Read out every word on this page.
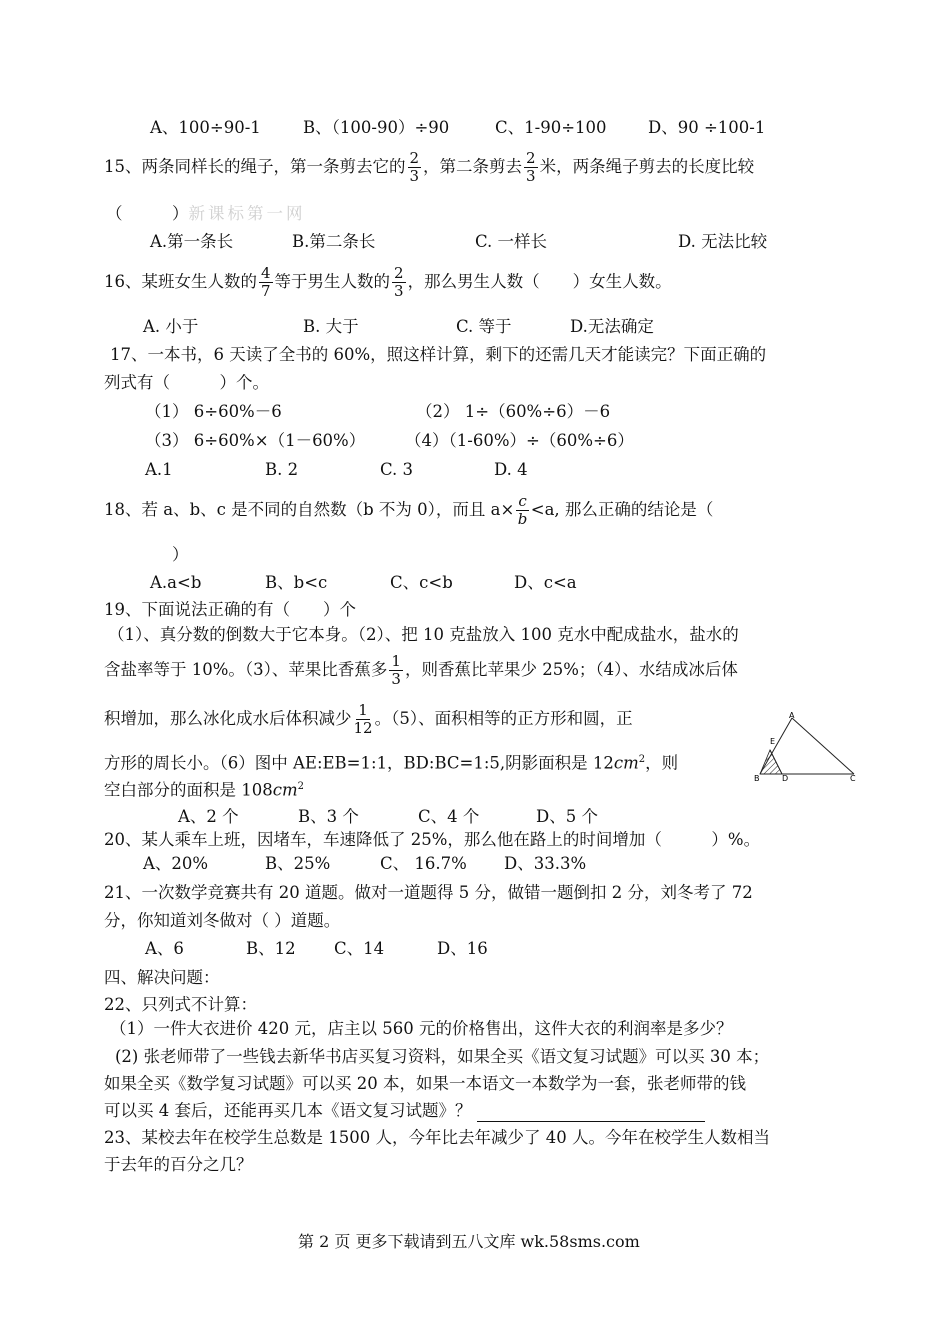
A、100÷90-1	B、（100-90）÷90	C、1-90÷100	D、90 ÷100-1
15、两条同样长的绳子，第一条剪去它的 $\frac{2}{3}$ ，第二条剪去 $\frac{2}{3}$ 米，两条绳子剪去的长度比较
（　　　）新课标第一网
A.第一条长	B.第二条长	C. 一样长	D. 无法比较
16、某班女生人数的 $\frac{4}{7}$ 等于男生人数的 $\frac{2}{3}$ ，那么男生人数（　　）女生人数。
A. 小于	B. 大于	C. 等于	D.无法确定
17、一本书，6 天读了全书的 60%，照这样计算，剩下的还需几天才能读完？下面正确的
列式有（　　　）个。
（1） 6÷60%－6	（2） 1÷（60%÷6）－6
（3） 6÷60%×（1－60%） （4）（1-60%）÷（60%÷6）
A.1	B. 2	C. 3	D. 4
18、若 a、b、c 是不同的自然数（b 不为 0），而且 $a\times \frac{c}{b} <a$, 那么正确的结论是（
）
A.a<b	B、b<c	C、c<b	D、c<a
19、下面说法正确的有（　　）个
（1）、真分数的倒数大于它本身。（2）、把 10 克盐放入 100 克水中配成盐水，盐水的
含盐率等于 10%。（3）、苹果比香蕉多 $\frac{1}{3}$ ，则香蕉比苹果少 25%；（4）、水结成冰后体
积增加，那么冰化成水后体积减少 $\frac{1}{12}$ 。（5）、面积相等的正方形和圆，正
方形的周长小。（6）图中 AE:EB=1:1，BD:BC=1:5,阴影面积是 $12cm^2$，则
空白部分的面积是 $108cm^2$
A、2 个	B、3 个	C、4 个	D、5 个
A
E
B	D	C
20、某人乘车上班，因堵车，车速降低了 25%，那么他在路上的时间增加（　　　）%。
A、20%	B、25%	C、 16.7% D、33.3%
21、一次数学竞赛共有 20 道题。做对一道题得 5 分，做错一题倒扣 2 分，刘冬考了 72
分，你知道刘冬做对（ ）道题。
A、6	B、12 C、14	D、16
四、解决问题：
22、只列式不计算：
（1）一件大衣进价 420 元，店主以 560 元的价格售出，这件大衣的利润率是多少？
(2) 张老师带了一些钱去新华书店买复习资料，如果全买《语文复习试题》可以买 30 本；
如果全买《数学复习试题》可以买 20 本，如果一本语文一本数学为一套，张老师带的钱
可以买 4 套后，还能再买几本《语文复习试题》？
23、某校去年在校学生总数是 1500 人，今年比去年减少了 40 人。今年在校学生人数相当
于去年的百分之几？
第 2 页 更多下载请到五八文库 wk.58sms.com
